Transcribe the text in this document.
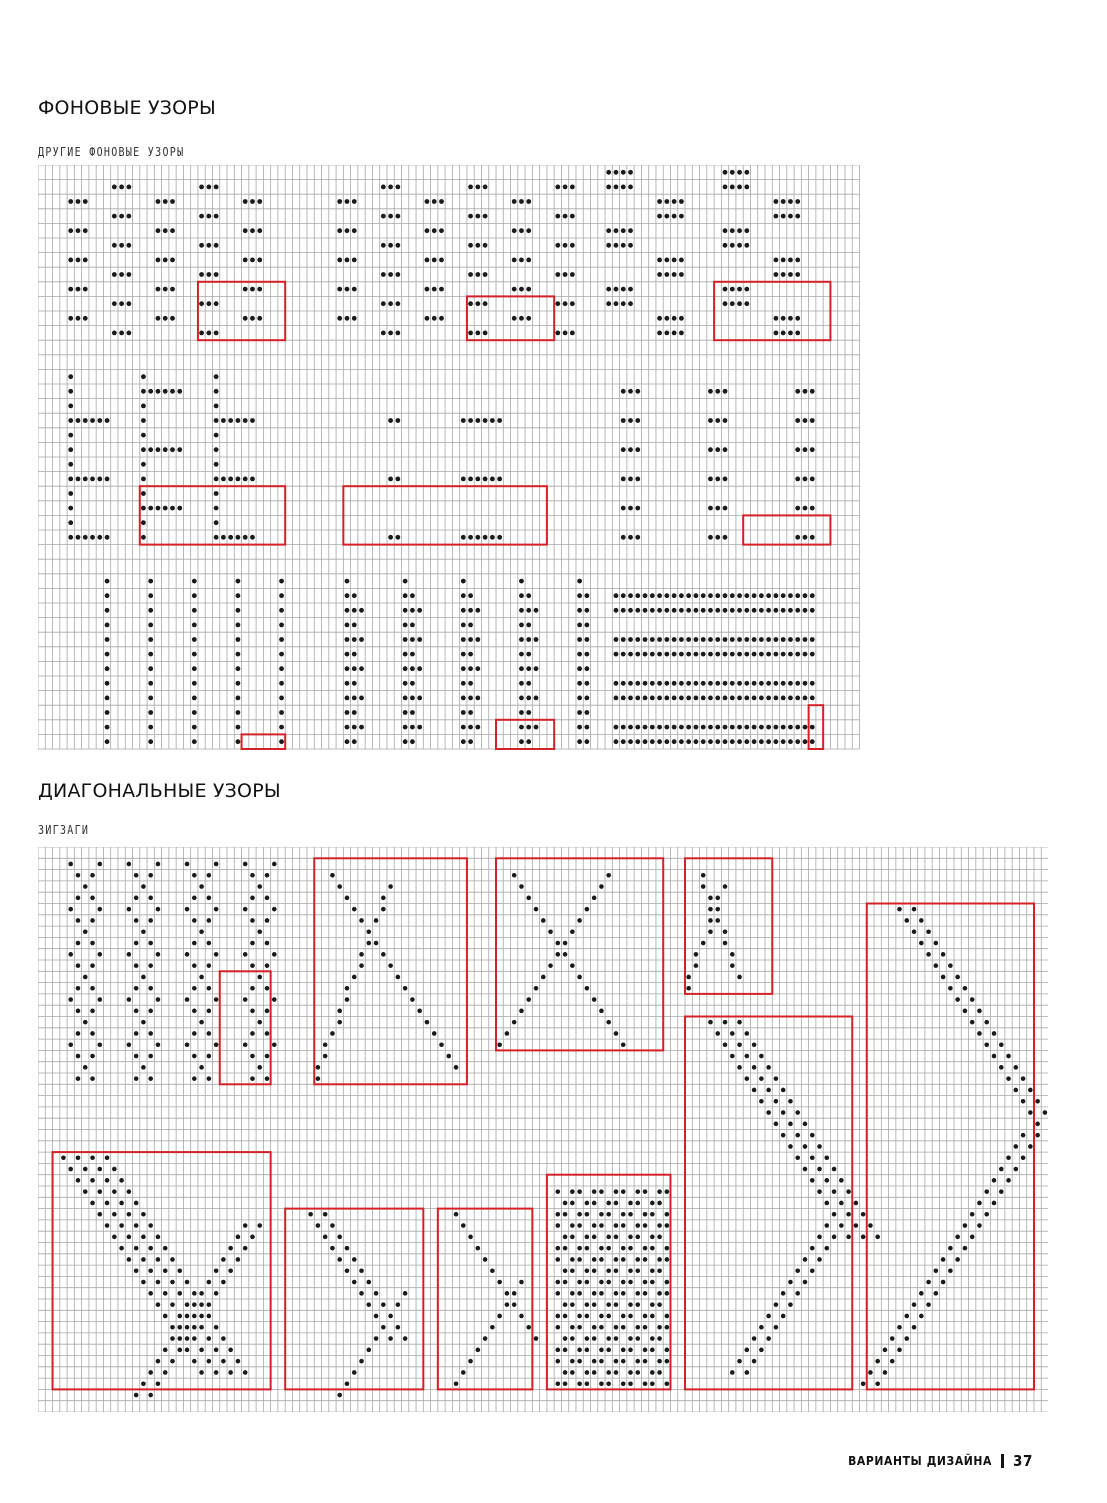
ФОНОВЫЕ УЗОРЫ
ДРУГИЕ ФОНОВЫЕ УЗОРЫ
ДИАГОНАЛЬНЫЕ УЗОРЫ
ЗИГЗАГИ
ВАРИАНТЫ ДИЗАЙНА 37
